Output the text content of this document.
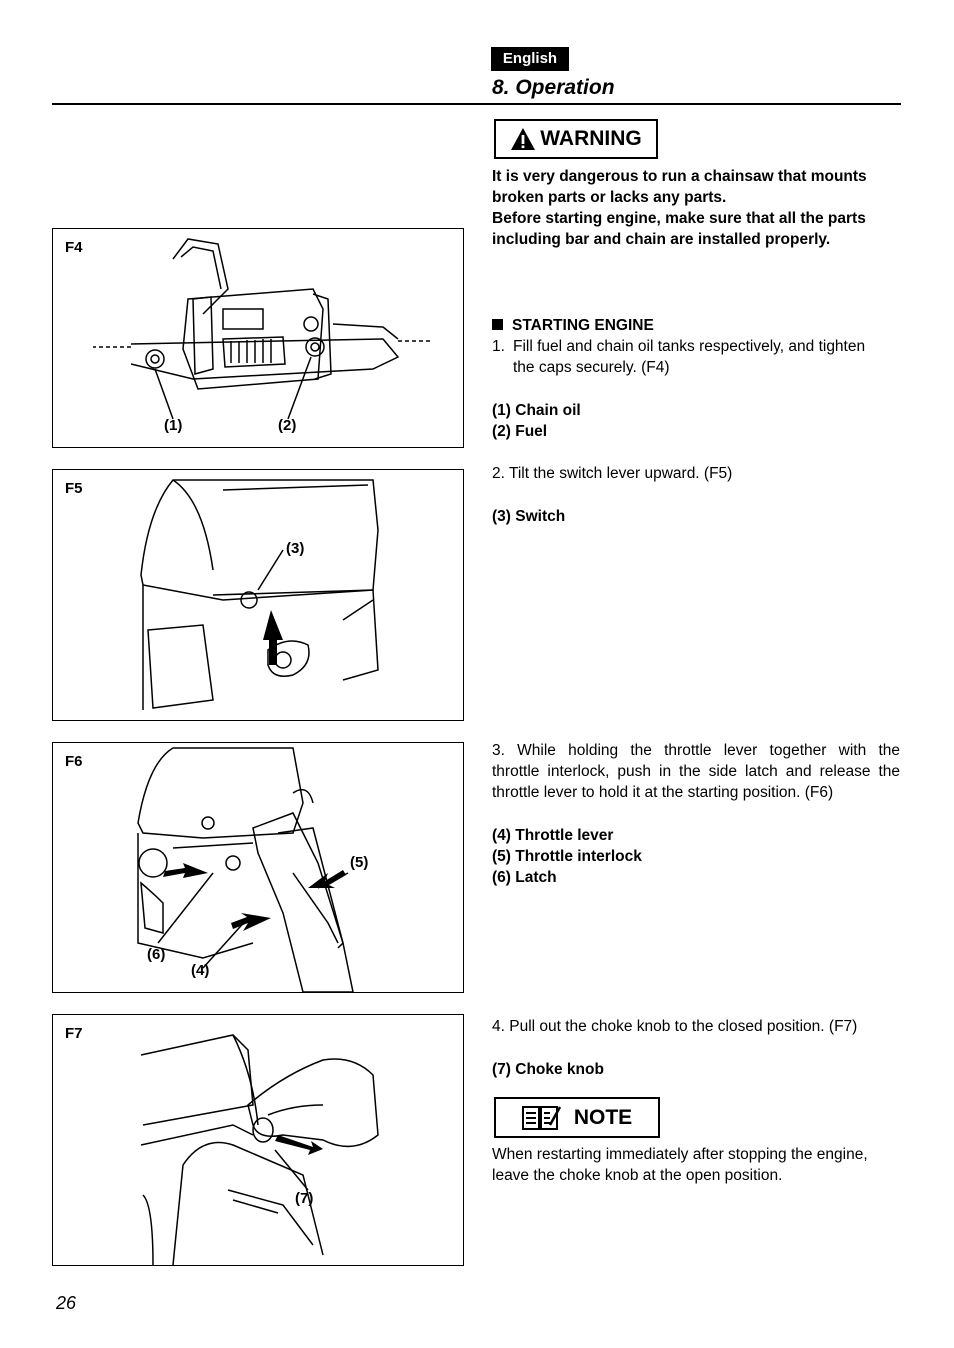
English
8. Operation
WARNING
It is very dangerous to run a chainsaw that mounts
broken parts or lacks any parts.
Before starting engine, make sure that all the parts
including bar and chain are installed properly.
STARTING ENGINE
1. Fill fuel and chain oil tanks respectively, and tighten
the caps securely. (F4)
(1) Chain oil
(2) Fuel
2. Tilt the switch lever upward. (F5)
(3) Switch
3. While holding the throttle lever together with the
throttle interlock, push in the side latch and release the
throttle lever to hold it at the starting position. (F6)
(4) Throttle lever
(5) Throttle interlock
(6) Latch
4. Pull out the choke knob to the closed position. (F7)
(7) Choke knob
NOTE
When restarting immediately after stopping the engine,
leave the choke knob at the open position.
F4
(1)	(2)
F5
(3)
F6
(5)
(6)
(4)
F7
(7)
26
